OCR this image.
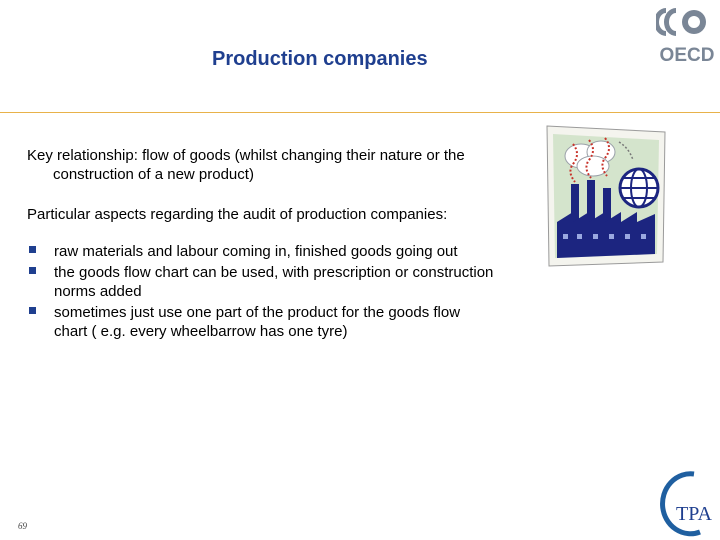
Production companies	OECD

Key relationship: flow of goods (whilst changing their nature or the construction of a new product)

Particular aspects regarding the audit of production companies:

raw materials and labour coming in, finished goods going out
the goods flow chart can be used, with prescription or construction norms added
sometimes just use one part of the product for the goods flow chart ( e.g. every wheelbarrow has one tyre)
69
TPA
